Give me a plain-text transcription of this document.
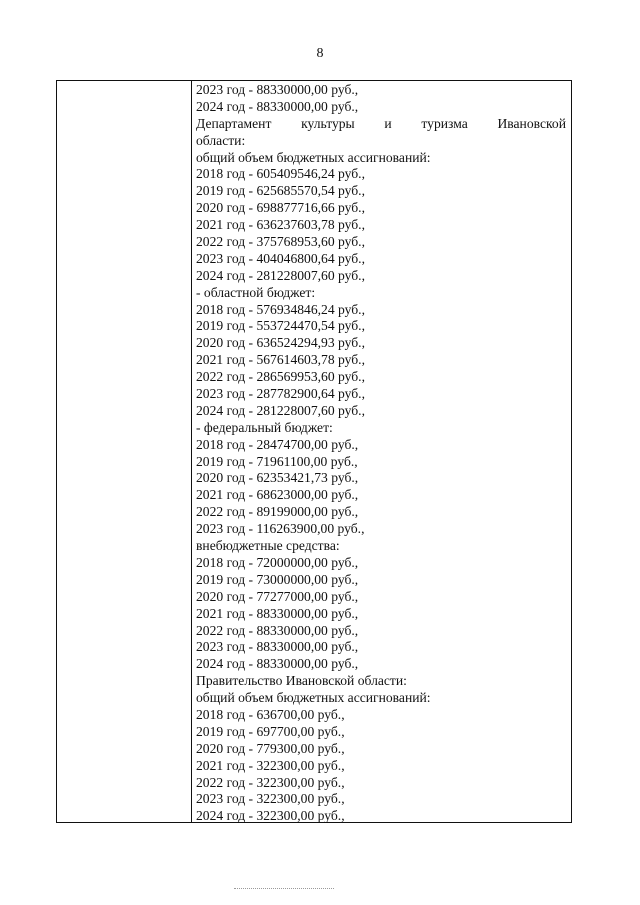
8
2023 год - 88330000,00 руб.,
2024 год - 88330000,00 руб.,
Департамент культуры и туризма Ивановской
области:
общий объем бюджетных ассигнований:
2018 год - 605409546,24 руб.,
2019 год - 625685570,54 руб.,
2020 год - 698877716,66 руб.,
2021 год - 636237603,78 руб.,
2022 год - 375768953,60 руб.,
2023 год - 404046800,64 руб.,
2024 год - 281228007,60 руб.,
- областной бюджет:
2018 год - 576934846,24 руб.,
2019 год - 553724470,54 руб.,
2020 год - 636524294,93 руб.,
2021 год - 567614603,78 руб.,
2022 год - 286569953,60 руб.,
2023 год - 287782900,64 руб.,
2024 год - 281228007,60 руб.,
- федеральный бюджет:
2018 год - 28474700,00 руб.,
2019 год - 71961100,00 руб.,
2020 год - 62353421,73 руб.,
2021 год - 68623000,00 руб.,
2022 год - 89199000,00 руб.,
2023 год - 116263900,00 руб.,
внебюджетные средства:
2018 год - 72000000,00 руб.,
2019 год - 73000000,00 руб.,
2020 год - 77277000,00 руб.,
2021 год - 88330000,00 руб.,
2022 год - 88330000,00 руб.,
2023 год - 88330000,00 руб.,
2024 год - 88330000,00 руб.,
Правительство Ивановской области:
общий объем бюджетных ассигнований:
2018 год - 636700,00 руб.,
2019 год - 697700,00 руб.,
2020 год - 779300,00 руб.,
2021 год - 322300,00 руб.,
2022 год - 322300,00 руб.,
2023 год - 322300,00 руб.,
2024 год - 322300,00 руб.,
